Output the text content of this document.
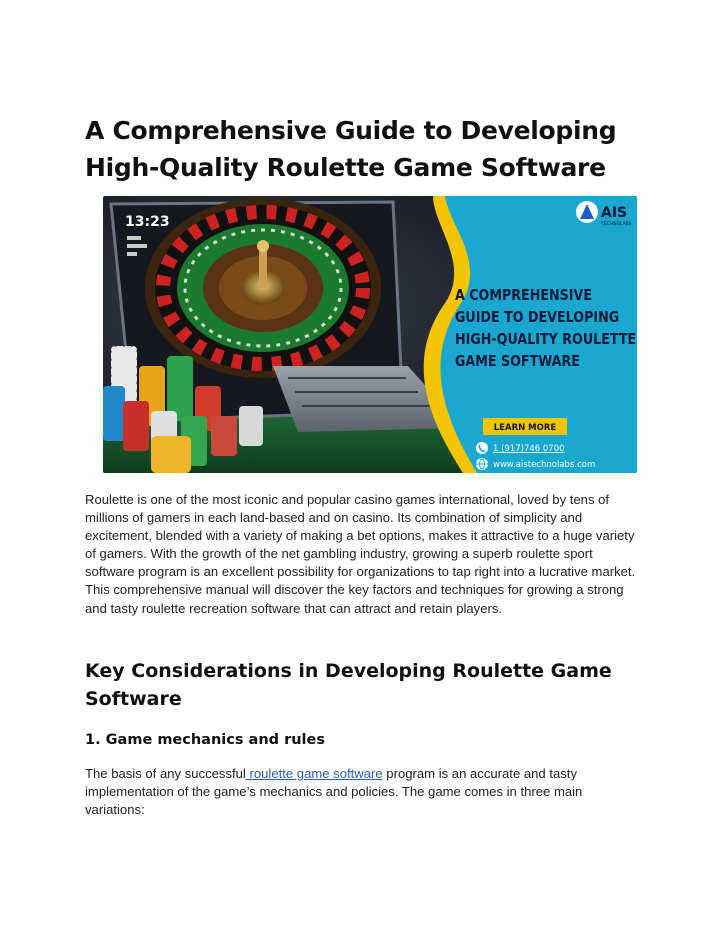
A Comprehensive Guide to Developing High-Quality Roulette Game Software
13:23
AIS
TECHNOLABS
A COMPREHENSIVE
GUIDE TO DEVELOPING
HIGH-QUALITY ROULETTE
GAME SOFTWARE
LEARN MORE
1 (917)746 0700
www.aistechnolabs.com

Roulette is one of the most iconic and popular casino games international, loved by tens of millions of gamers in each land-based and on casino. Its combination of simplicity and excitement, blended with a variety of making a bet options, makes it attractive to a huge variety of gamers. With the growth of the net gambling industry, growing a superb roulette sport software program is an excellent possibility for organizations to tap right into a lucrative market. This comprehensive manual will discover the key factors and techniques for growing a strong and tasty roulette recreation software that can attract and retain players.

Key Considerations in Developing Roulette Game Software
1. Game mechanics and rules

The basis of any successful roulette game software program is an accurate and tasty implementation of the game’s mechanics and policies. The game comes in three main variations:
